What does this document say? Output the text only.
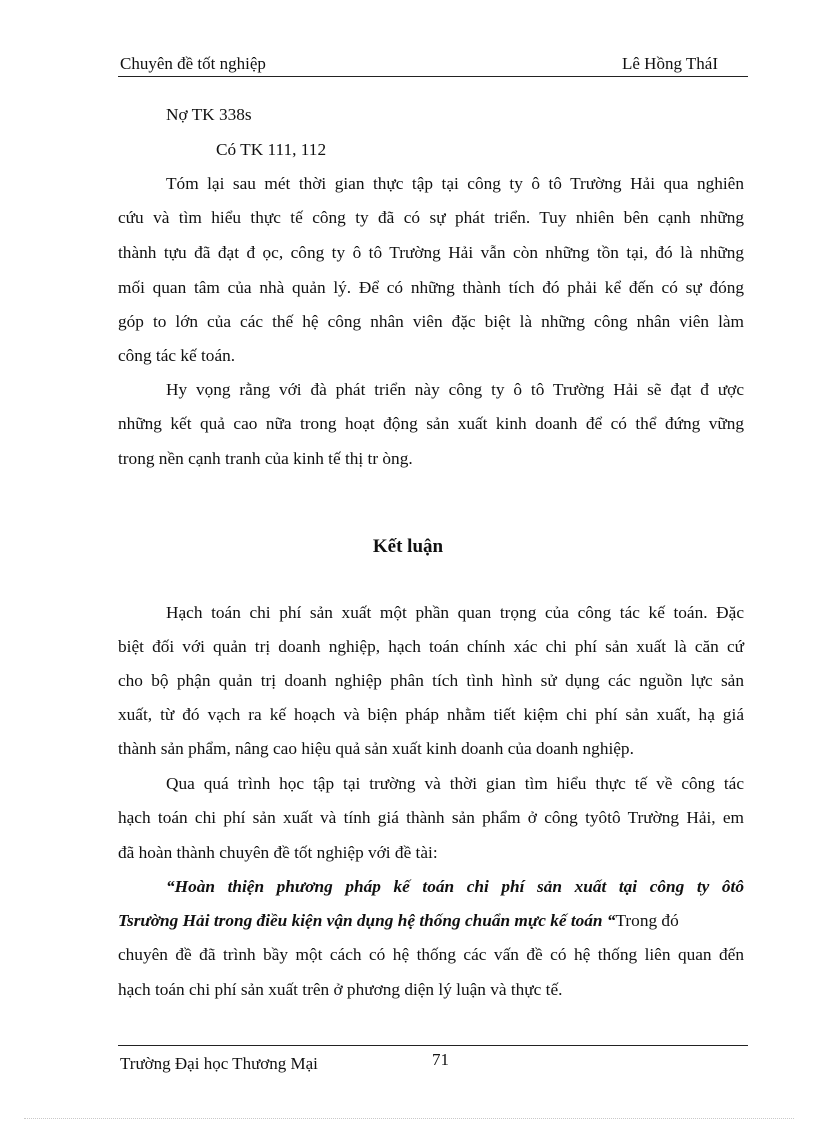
Chuyên đề tốt nghiệp	Lê Hồng TháI
Nợ TK 338s
Có TK 111, 112
Tóm lại sau mét thời gian thực tập tại công ty ô tô Trường Hải qua nghiên
cứu và tìm hiểu thực tế công ty đã có sự phát triển. Tuy nhiên bên cạnh những
thành tựu đã đạt đ ọc, công ty ô tô Trường Hải vẫn còn những tồn tại, đó là những
mối quan tâm của nhà quản lý. Để có những thành tích đó phải kể đến có sự đóng
góp to lớn của các thế hệ công nhân viên đặc biệt là những công nhân viên làm
công tác kế toán.
Hy vọng rằng với đà phát triển này công ty ô tô Trường Hải sẽ đạt đ ược
những kết quả cao nữa trong hoạt động sản xuất kinh doanh để có thể đứng vững
trong nền cạnh tranh của kinh tế thị tr òng.
Kết luận
Hạch toán chi phí sản xuất một phần quan trọng của công tác kế toán. Đặc
biệt đối với quản trị doanh nghiệp, hạch toán chính xác chi phí sản xuất là căn cứ
cho bộ phận quản trị doanh nghiệp phân tích tình hình sử dụng các nguồn lực sản
xuất, từ đó vạch ra kế hoạch và biện pháp nhằm tiết kiệm chi phí sản xuất, hạ giá
thành sản phẩm, nâng cao hiệu quả sản xuất kinh doanh của doanh nghiệp.
Qua quá trình học tập tại trường và thời gian tìm hiểu thực tế về công tác
hạch toán chi phí sản xuất và tính giá thành sản phẩm ở công tyôtô Trường Hải, em
đã hoàn thành chuyên đề tốt nghiệp với đề tài:
“Hoàn thiện phương pháp kế toán chi phí sản xuất tại công ty ôtô
Tsrường Hải trong điều kiện vận dụng hệ thống chuẩn mực kế toán “Trong đó
chuyên đề đã trình bầy một cách có hệ thống các vấn đề có hệ thống liên quan đến
hạch toán chi phí sản xuất trên ở phương diện lý luận và thực tế.
Trường Đại học Thương Mại	71
